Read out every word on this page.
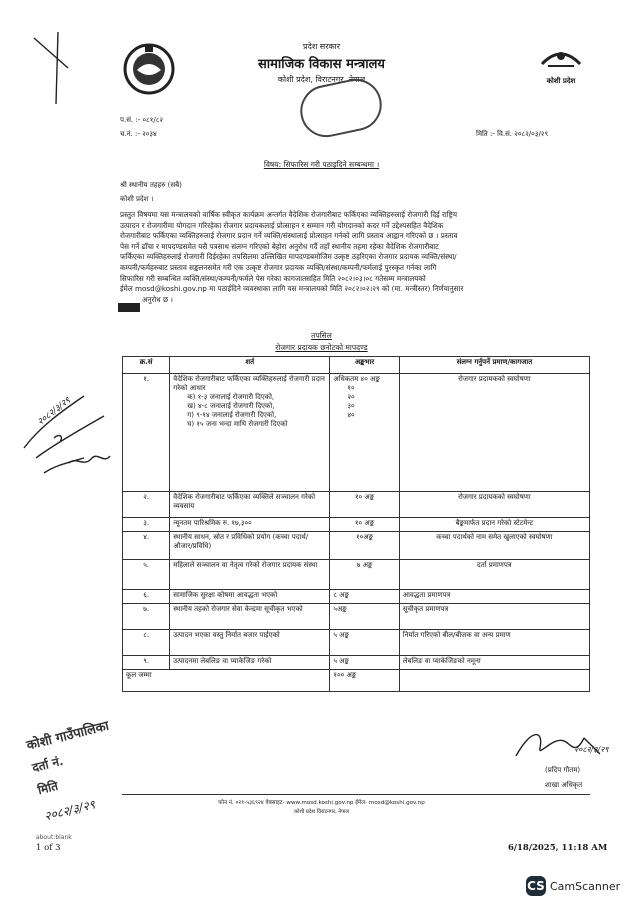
प्रदेश सरकार
सामाजिक विकास मन्त्रालय
कोशी प्रदेश, विराटनगर, नेपाल	कोशी प्रदेश
प.सं. :- ०८१/८२
च.नं. :- २०३४	मिति :- वि.सं. २०८२/०३/२९
विषय: सिफारिस गरी पठाइदिने सम्बन्धमा ।
श्री स्थानीय तहहरु (सबै)
कोशी प्रदेश ।
प्रस्तुत विषयमा यस मन्त्रालयको वार्षिक स्वीकृत कार्यक्रम अन्तर्गत वैदेशिक रोजगारीबाट फर्किएका व्यक्तिहरुलाई रोजगारी दिई राष्ट्रिय
उत्पादन र रोजगारीमा योगदान गरिरहेका रोजगार प्रदायकलाई प्रोत्साहन र सम्मान गरी योगदानको कदर गर्ने उद्देश्यसहित वैदेशिक
रोजगारीबाट फर्किएका व्यक्तिहरुलाई रोजगार प्रदान गर्ने व्यक्ति/संस्थालाई प्रोत्साहन गर्नको लागि प्रस्ताव आह्वान गरिएको छ । प्रस्ताव
पेस गर्ने ढाँचा र मापदण्डसमेत यसै पत्रसाथ संलग्न गरिएको बेहोरा अनुरोध गर्दै तहाँ स्थानीय तहमा रहेका वैदेशिक रोजगारीबाट
फर्किएका व्यक्तिहरुलाई रोजगारी दिईरहेका तपसिलमा उल्लिखित मापदण्डबमोजिम उत्कृष्ट ठहरिएका रोजगार प्रदायक व्यक्ति/संस्था/
कम्पनी/फर्महरुबाट प्रस्ताव सङ्कलनसमेत गरी एक उत्कृष्ट रोजगार प्रदायक व्यक्ति/संस्था/कम्पनी/फर्मलाई पुरस्कृत गर्नका लागि
सिफारिस गरी सम्बन्धित व्यक्ति/संस्था/कम्पनी/फर्मले पेस गरेका कागजातसहित मिति २०८२।०३।०८ गतेसम्म मन्त्रालयको
ईमेल mosd@koshi.gov.np मा पठाईदिने व्यवस्थाका लागि यस मन्त्रालयको मिति २०८२।०२।२९ को (मा. मन्त्रीस्तर) निर्णयानुसार
अनुरोध छ ।
तपसिल
रोजगार प्रदायक छनोटको मापदण्ड
क्र.सं	शर्त	अङ्कभार	संलग्न गर्नुपर्ने प्रमाण/कागजात
१.	वैदेशिक रोजगारीबाट फर्किएका व्यक्तिहरुलाई रोजगारी प्रदान गरेको आधार
क) १-३ जनालाई रोजगारी दिएको,
ख) ४-८ जनालाई रोजगारी दिएको,
ग) ९-१४ जनालाई रोजगारी दिएको,
घ) १५ जना भन्दा माथि रोजगारी दिएको	अधिकतम ४० अङ्क
१०
२०
३०
४०	रोजगार प्रदायकको स्वघोषणा
२.	वैदेशिक रोजगारीबाट फर्किएका व्यक्तिले सञ्चालन गरेको व्यवसाय	१० अङ्क	रोजगार प्रदायकको स्वघोषणा
३.	न्यूनतम पारिश्रमिक रु. १७,३००	१० अङ्क	बैङ्कमार्फत प्रदान गरेको स्टेटमेन्ट
४.	स्थानीय साधन, स्रोत र प्रविधिको प्रयोग (कच्चा पदार्थ/औजार/प्रविधि)	१०अङ्क	कच्चा पदार्थको नाम समेत खुलाएको स्वघोषणा
५.	महिलाले सञ्चालन वा नेतृत्व गरेको रोजगार प्रदायक संस्था	७ अङ्क	दर्ता प्रमाणपत्र
६.	सामाजिक सुरक्षा कोषमा आवद्धता भएको	८ अङ्क	आवद्धता प्रमाणपत्र
७.	स्थानीय तहको रोजगार सेवा केन्द्रमा सूचीकृत भएको	५अङ्क	सूचीकृत प्रमाणपत्र
८.	उत्पादन भएका वस्तु निर्यात बजार पाईएको	५ अङ्क	निर्यात गरिएको बील/बीजक वा अन्य प्रमाण
९.	उत्पादनमा लेबलिङ वा प्याकेजिङ गरेको	५ अङ्क	लेबलिङ वा प्याकेजिङको नमूना
कूल जम्मा		१०० अङ्क	
२०८२/३/२९
कोशी गाउँपालिका
दर्ता नं.
मिति
२०८२/३/२९
२०८२/३/२९
(प्रदिप गौतम)
शाखा अधिकृत
फोन नं. ०२१-५३६९२४ वेबसाइट- www.mosd.koshi.gov.np ईमेल- mosd@koshi.gov.np
कोशी प्रदेश विराटनगर, नेपाल
about:blank
1 of 3	6/18/2025, 11:18 AM
CS CamScanner
